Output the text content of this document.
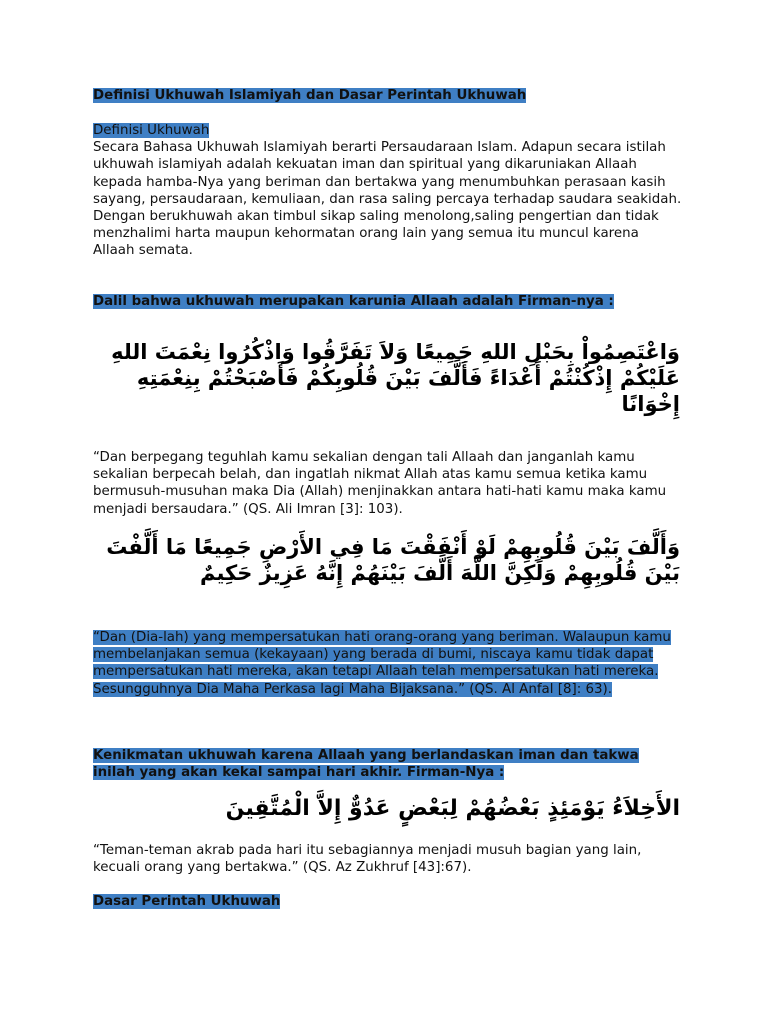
Definisi Ukhuwah Islamiyah dan Dasar Perintah Ukhuwah
Definisi Ukhuwah
Secara Bahasa Ukhuwah Islamiyah berarti Persaudaraan Islam. Adapun secara istilah ukhuwah islamiyah adalah kekuatan iman dan spiritual yang dikaruniakan Allaah kepada hamba-Nya yang beriman dan bertakwa yang menumbuhkan perasaan kasih sayang, persaudaraan, kemuliaan, dan rasa saling percaya terhadap saudara seakidah. Dengan berukhuwah akan timbul sikap saling menolong,saling pengertian dan tidak menzhalimi harta maupun kehormatan orang lain yang semua itu muncul karena Allaah semata.
Dalil bahwa ukhuwah merupakan karunia Allaah adalah Firman-nya :
وَاعْتَصِمُواْ بِحَبْلِ اللهِ جَمِيعًا وَلاَ تَفَرَّقُوا وَاذْكُرُوا نِعْمَتَ اللهِ عَلَيْكُمْ إِذْكُنْتُمْ أَعْدَاءً فَأَلَّفَ بَيْنَ قُلُوبِكُمْ فَأَصْبَحْتُمْ بِنِعْمَتِهِ إِخْوَانًا
“Dan berpegang teguhlah kamu sekalian dengan tali Allaah dan janganlah kamu sekalian berpecah belah, dan ingatlah nikmat Allah atas kamu semua ketika kamu bermusuh-musuhan maka Dia (Allah) menjinakkan antara hati-hati kamu maka kamu menjadi bersaudara.” (QS. Ali Imran [3]: 103).
وَأَلَّفَ بَيْنَ قُلُوبِهِمْ لَوْ أَنْفَقْتَ مَا فِي الأَرْضِ جَمِيعًا مَا أَلَّفْتَ بَيْنَ قُلُوبِهِمْ وَلَكِنَّ اللَّهَ أَلَّفَ بَيْنَهُمْ إِنَّهُ عَزِيزٌ حَكِيمٌ
“Dan (Dia-lah) yang mempersatukan hati orang-orang yang beriman. Walaupun kamu membelanjakan semua (kekayaan) yang berada di bumi, niscaya kamu tidak dapat mempersatukan hati mereka, akan tetapi Allaah telah mempersatukan hati mereka. Sesungguhnya Dia Maha Perkasa lagi Maha Bijaksana.” (QS. Al Anfal [8]: 63).
Kenikmatan ukhuwah karena Allaah yang berlandaskan iman dan takwa inilah yang akan kekal sampai hari akhir. Firman-Nya :
الأَخِلاَءُ يَوْمَئِذٍ بَعْضُهُمْ لِبَعْضٍ عَدُوٌّ إِلاَّ الْمُتَّقِينَ
“Teman-teman akrab pada hari itu sebagiannya menjadi musuh bagian yang lain, kecuali orang yang bertakwa.” (QS. Az Zukhruf [43]:67).
Dasar Perintah Ukhuwah
